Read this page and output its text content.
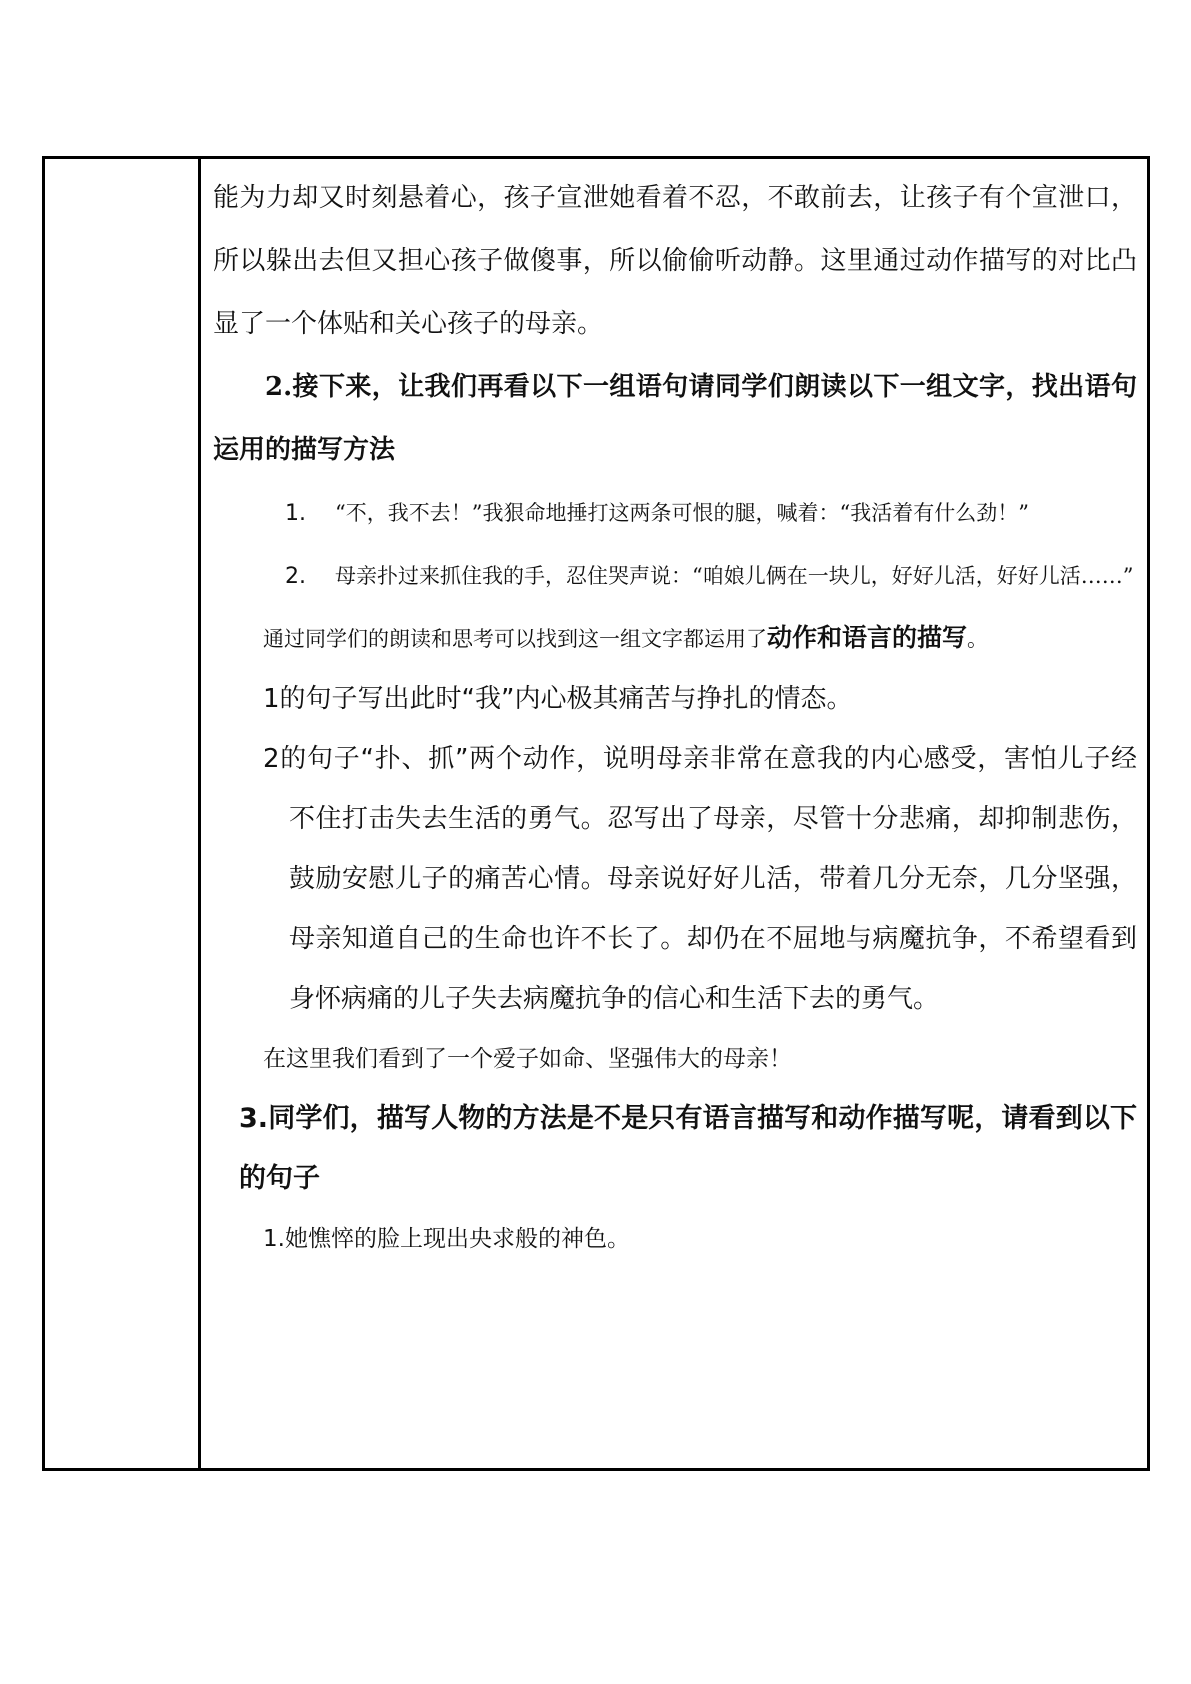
能为力却又时刻悬着心，孩子宣泄她看着不忍，不敢前去，让孩子有个宣泄口，所以躲出去但又担心孩子做傻事，所以偷偷听动静。这里通过动作描写的对比凸显了一个体贴和关心孩子的母亲。

2.接下来，让我们再看以下一组语句请同学们朗读以下一组文字，找出语句运用的描写方法

1. “不，我不去！”我狠命地捶打这两条可恨的腿，喊着：“我活着有什么劲！”

2. 母亲扑过来抓住我的手，忍住哭声说：“咱娘儿俩在一块儿，好好儿活，好好儿活……”

通过同学们的朗读和思考可以找到这一组文字都运用了动作和语言的描写。

1的句子写出此时“我”内心极其痛苦与挣扎的情态。

2的句子“扑、抓”两个动作，说明母亲非常在意我的内心感受，害怕儿子经不住打击失去生活的勇气。忍写出了母亲，尽管十分悲痛，却抑制悲伤，鼓励安慰儿子的痛苦心情。母亲说好好儿活，带着几分无奈，几分坚强，母亲知道自己的生命也许不长了。却仍在不屈地与病魔抗争，不希望看到身怀病痛的儿子失去病魔抗争的信心和生活下去的勇气。

在这里我们看到了一个爱子如命、坚强伟大的母亲！

3.同学们，描写人物的方法是不是只有语言描写和动作描写呢，请看到以下的句子

1.她憔悴的脸上现出央求般的神色。
